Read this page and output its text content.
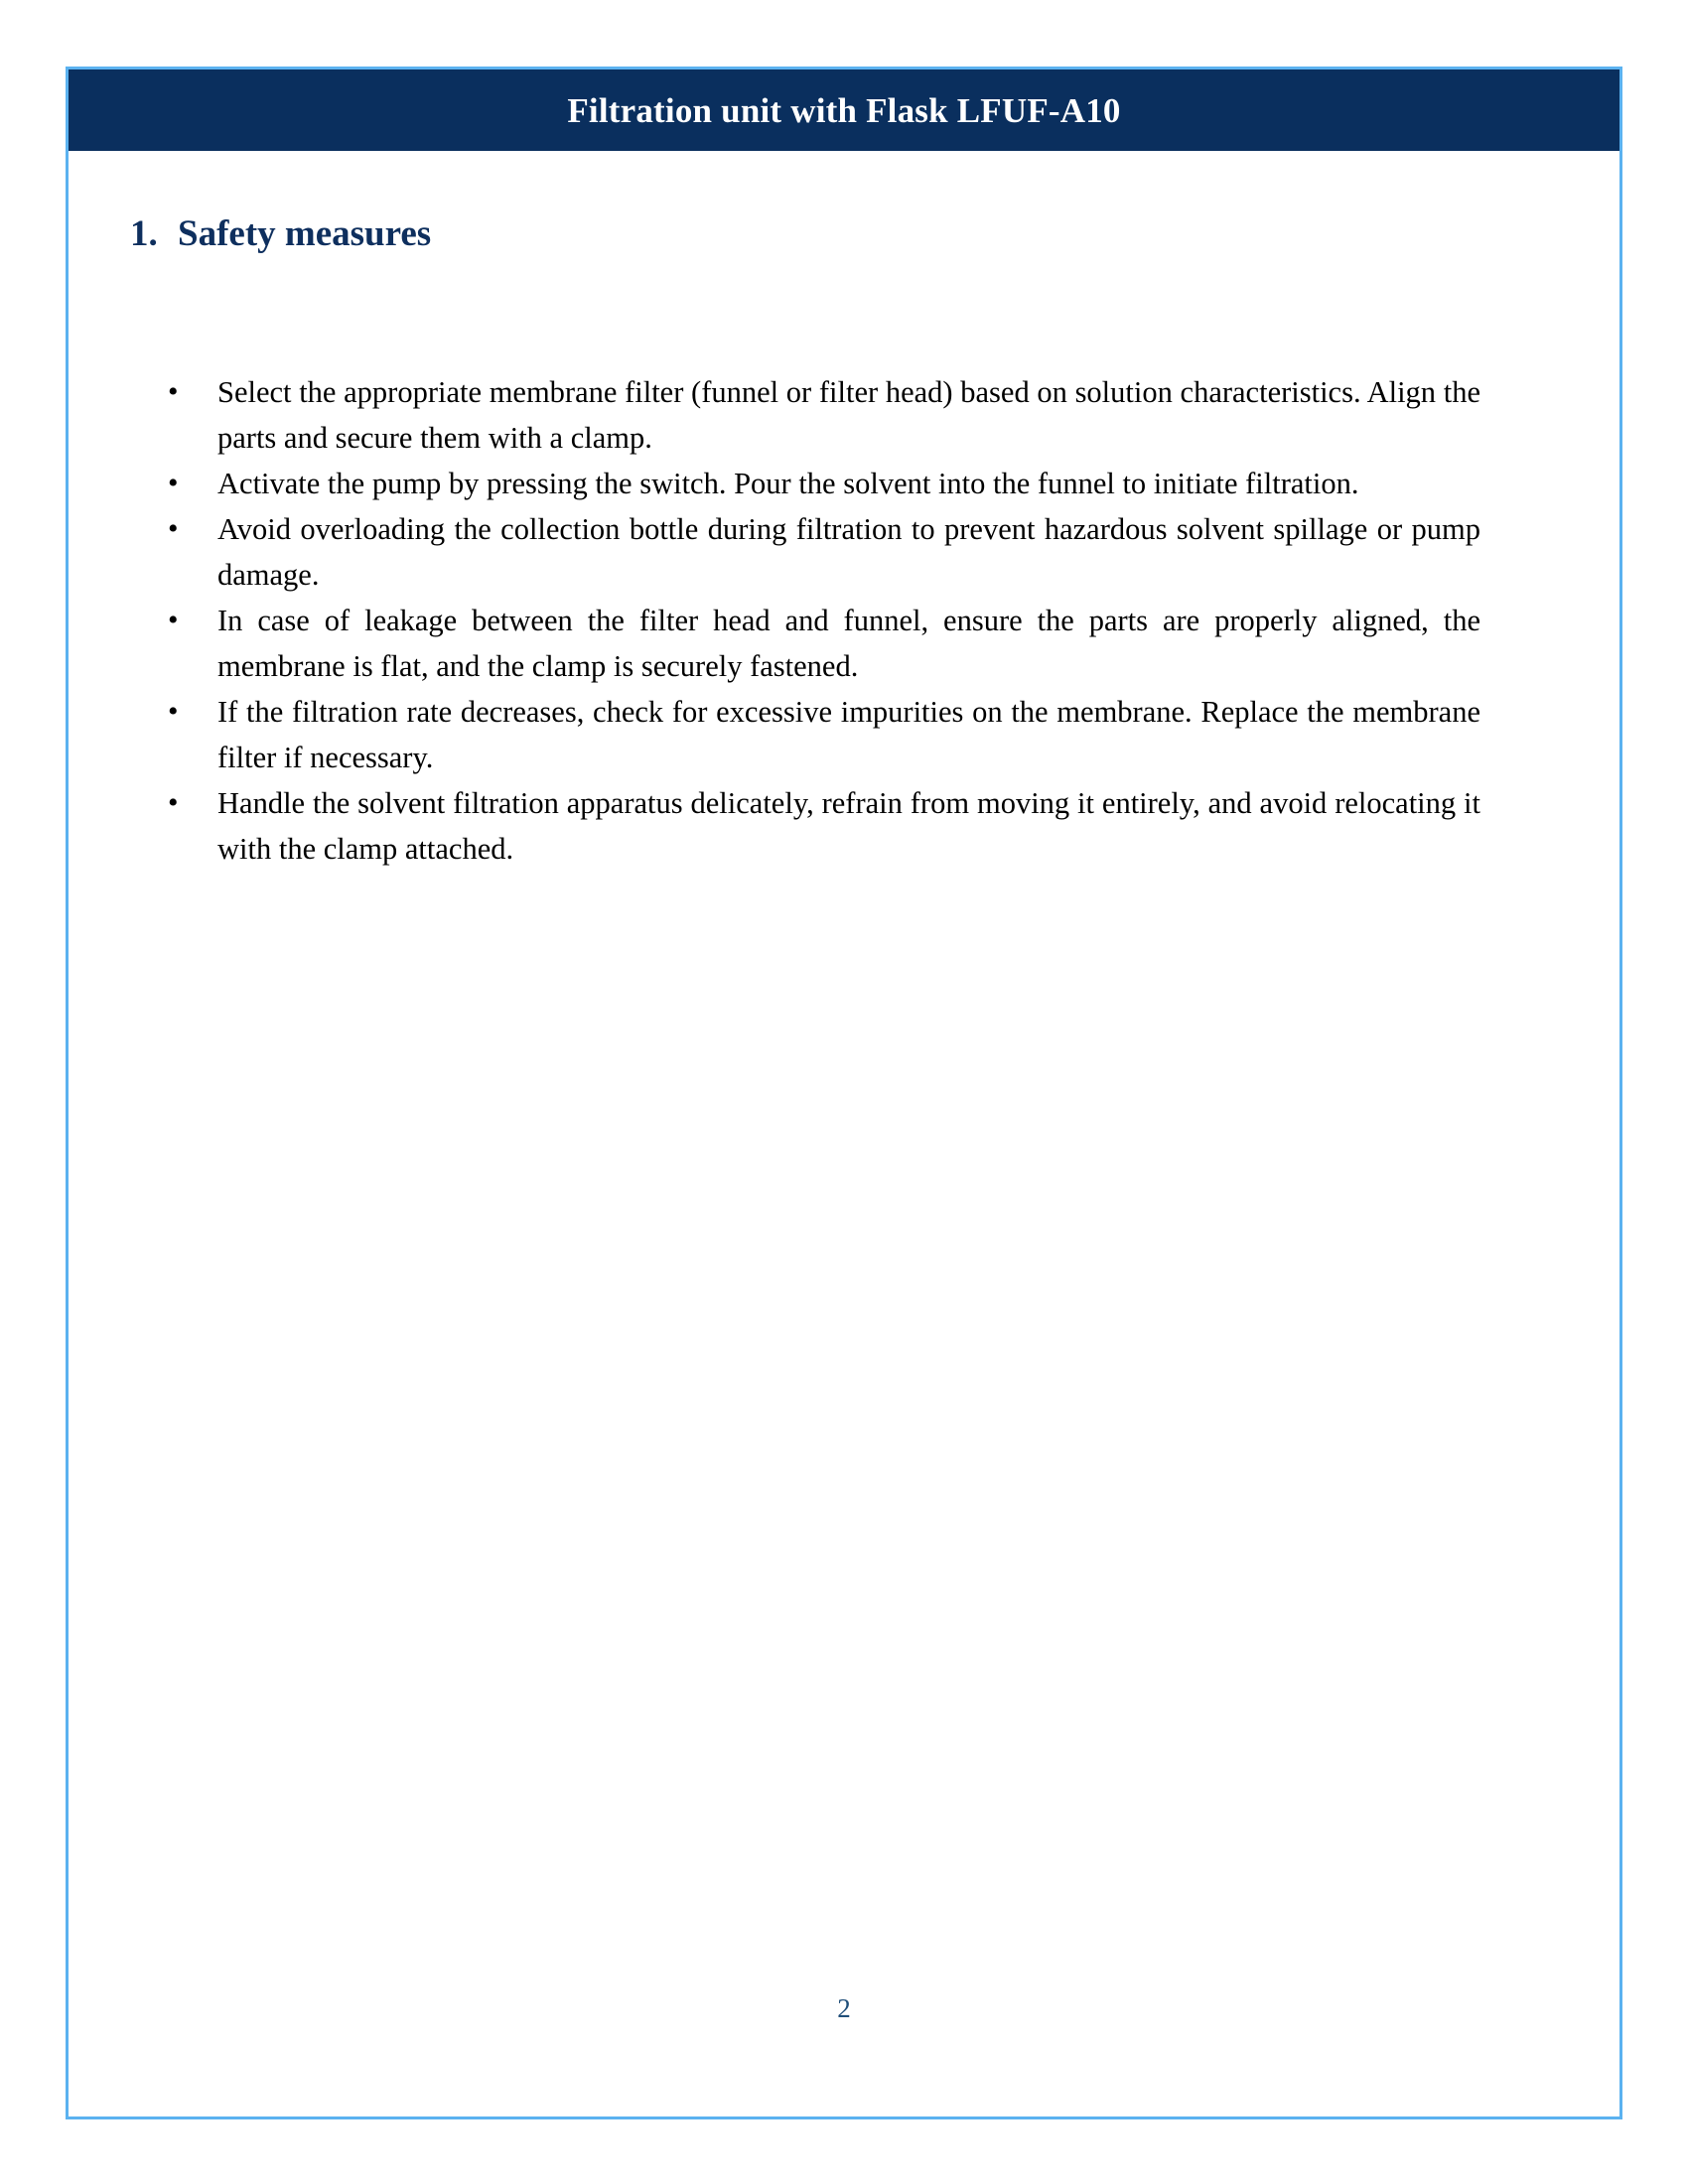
Filtration unit with Flask LFUF-A10
1. Safety measures
• Select the appropriate membrane filter (funnel or filter head) based on solution characteristics. Align the parts and secure them with a clamp.
• Activate the pump by pressing the switch. Pour the solvent into the funnel to initiate filtration.
• Avoid overloading the collection bottle during filtration to prevent hazardous solvent spillage or pump damage.
• In case of leakage between the filter head and funnel, ensure the parts are properly aligned, the membrane is flat, and the clamp is securely fastened.
• If the filtration rate decreases, check for excessive impurities on the membrane. Replace the membrane filter if necessary.
• Handle the solvent filtration apparatus delicately, refrain from moving it entirely, and avoid relocating it with the clamp attached.
2
